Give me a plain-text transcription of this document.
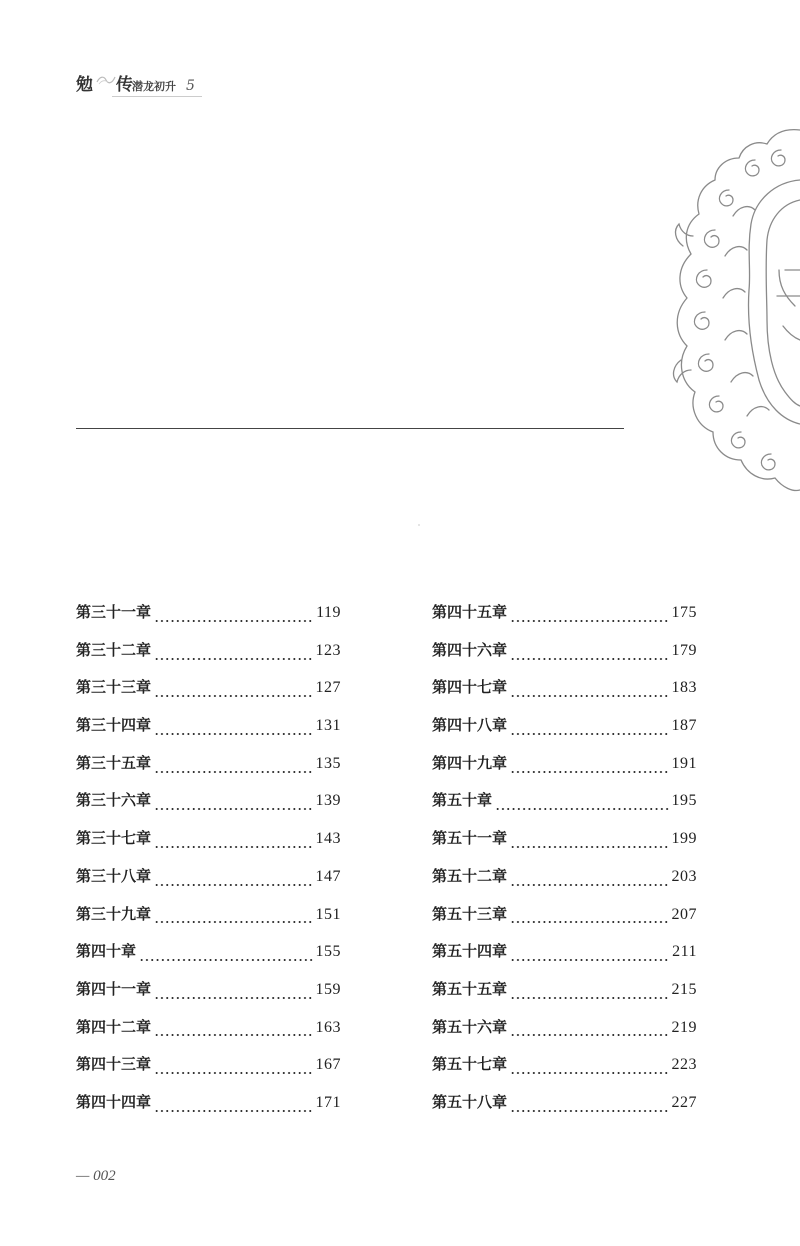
勉 传 潜龙初升 5
第三十一章	119
第三十二章	123
第三十三章	127
第三十四章	131
第三十五章	135
第三十六章	139
第三十七章	143
第三十八章	147
第三十九章	151
第四十章	155
第四十一章	159
第四十二章	163
第四十三章	167
第四十四章	171
第四十五章	175
第四十六章	179
第四十七章	183
第四十八章	187
第四十九章	191
第五十章	195
第五十一章	199
第五十二章	203
第五十三章	207
第五十四章	211
第五十五章	215
第五十六章	219
第五十七章	223
第五十八章	227
— 002
